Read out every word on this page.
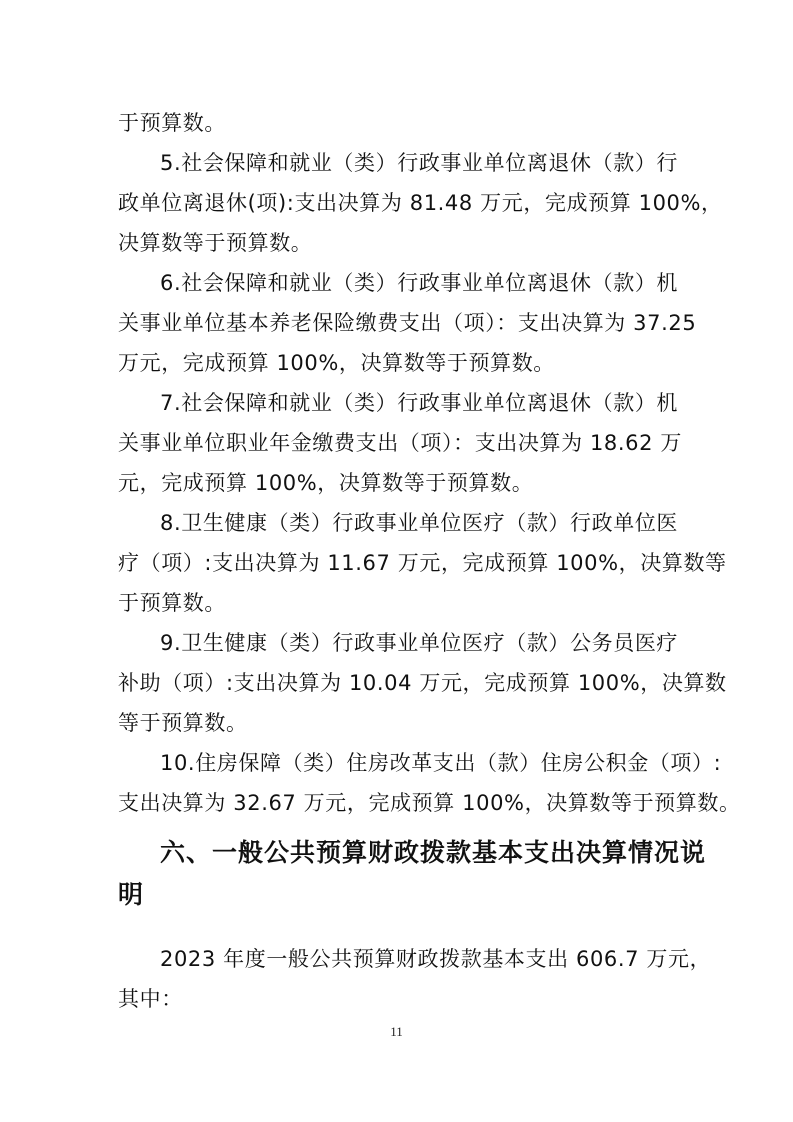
于预算数。
5.社会保障和就业（类）行政事业单位离退休（款）行
政单位离退休(项):支出决算为 81.48 万元，完成预算 100%，
决算数等于预算数。
6.社会保障和就业（类）行政事业单位离退休（款）机
关事业单位基本养老保险缴费支出（项）：支出决算为 37.25
万元，完成预算 100%，决算数等于预算数。
7.社会保障和就业（类）行政事业单位离退休（款）机
关事业单位职业年金缴费支出（项）：支出决算为 18.62 万
元，完成预算 100%，决算数等于预算数。
8.卫生健康（类）行政事业单位医疗（款）行政单位医
疗（项）:支出决算为 11.67 万元，完成预算 100%，决算数等
于预算数。
9.卫生健康（类）行政事业单位医疗（款）公务员医疗
补助（项）:支出决算为 10.04 万元，完成预算 100%，决算数
等于预算数。
10.住房保障（类）住房改革支出（款）住房公积金（项）:
支出决算为 32.67 万元，完成预算 100%，决算数等于预算数。
六、一般公共预算财政拨款基本支出决算情况说
明
2023 年度一般公共预算财政拨款基本支出 606.7 万元，
其中：
11
